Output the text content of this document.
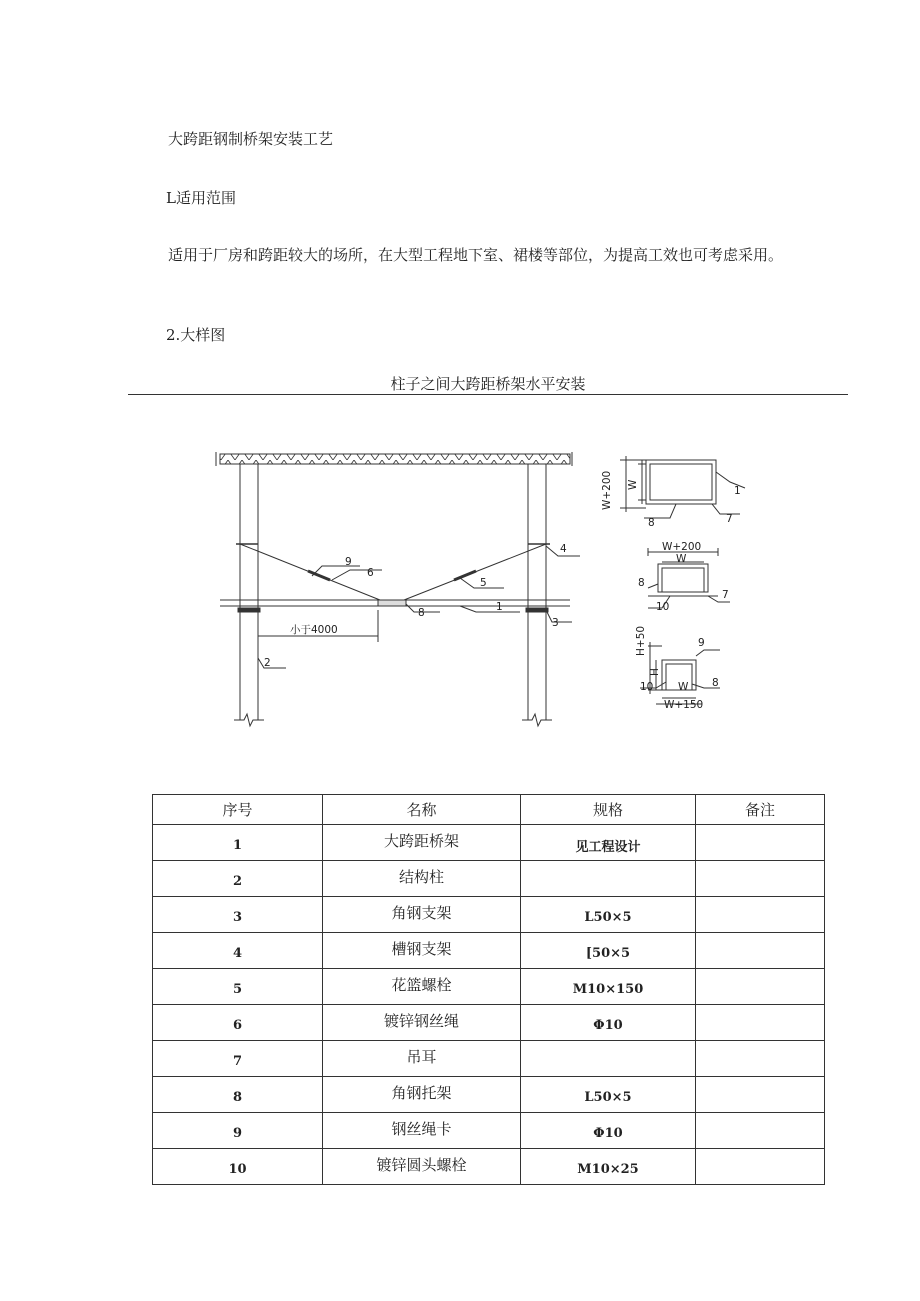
大跨距钢制桥架安装工艺

L适用范围

适用于厂房和跨距较大的场所，在大型工程地下室、裙楼等部位，为提高工效也可考虑采用。

2.大样图

柱子之间大跨距桥架水平安装

9
6
5
4
1
8
3
2
小于4000
W+200 W
1
7
8
W+200
W
8
7
10
H+50
H
9
10 W 8
W+150
序号	名称	规格	备注
1	大跨距桥架	见工程设计	
2	结构柱		
3	角钢支架	L50×5	
4	槽钢支架	[50×5	
5	花篮螺栓	M10×150	
6	镀锌钢丝绳	Φ10	
7	吊耳		
8	角钢托架	L50×5	
9	钢丝绳卡	Φ10	
10	镀锌圆头螺栓	M10×25	
